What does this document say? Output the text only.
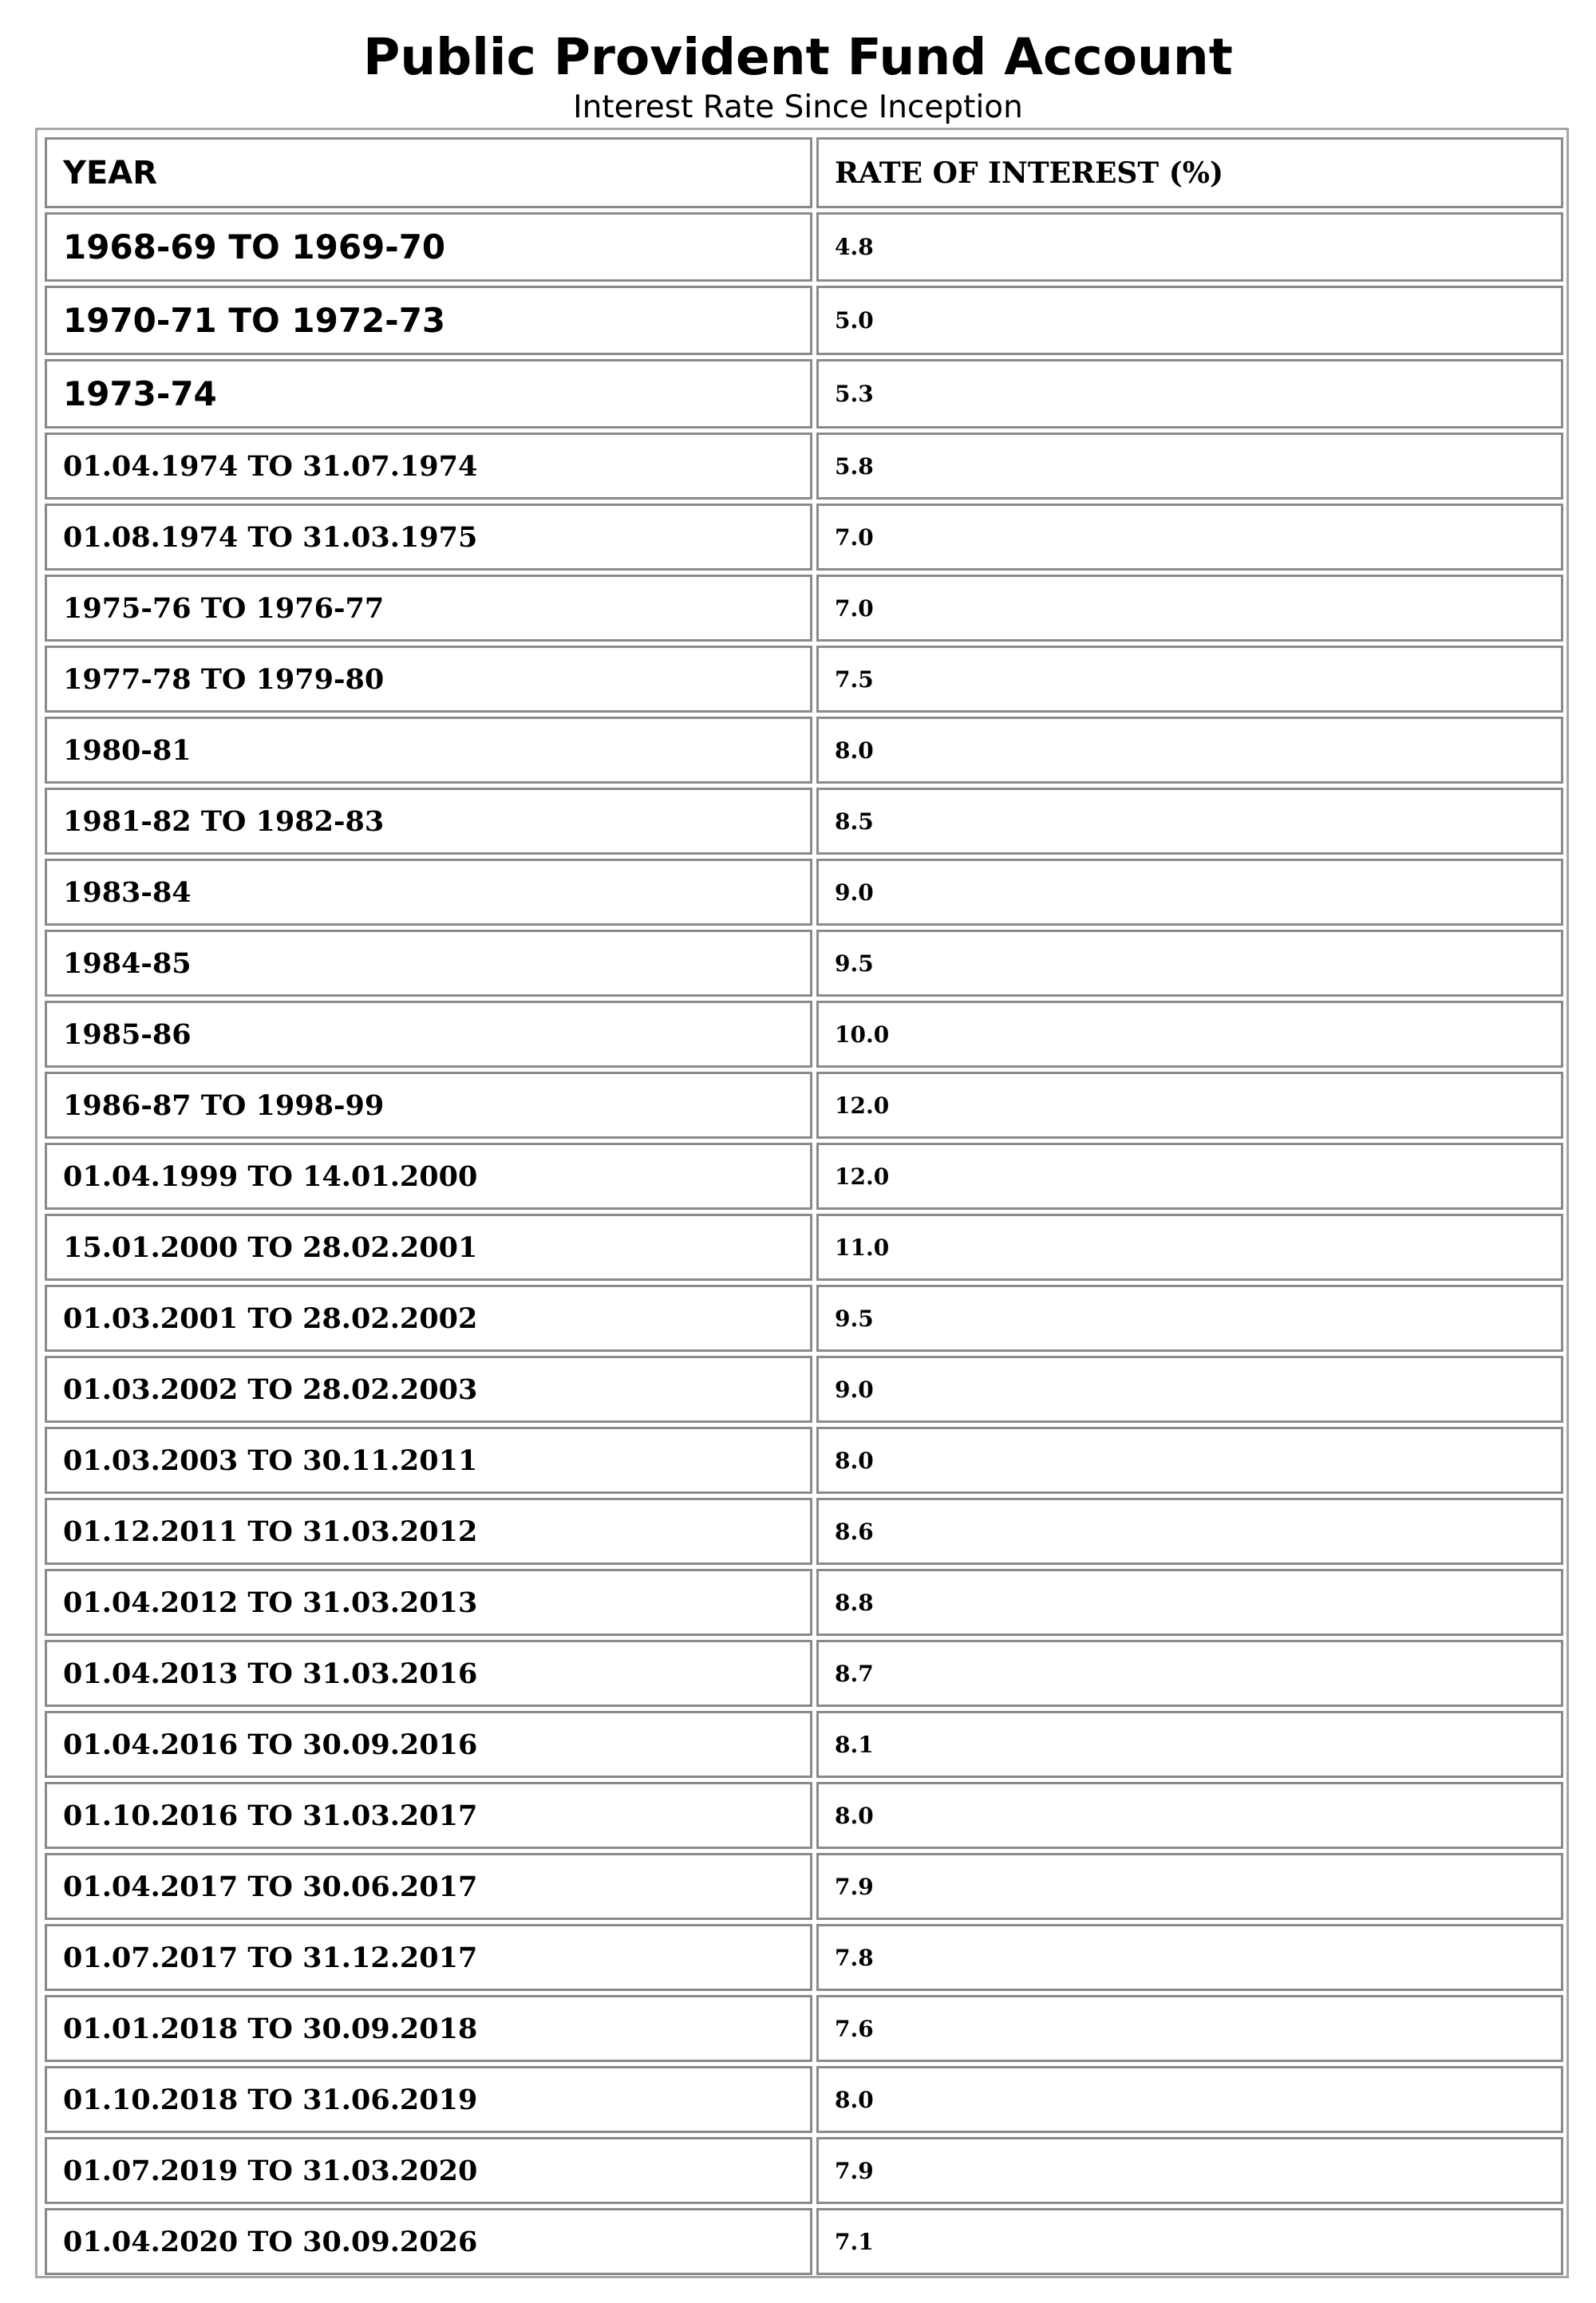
Public Provident Fund Account
Interest Rate Since Inception
YEAR	RATE OF INTEREST (%)
1968-69 TO 1969-70	4.8
1970-71 TO 1972-73	5.0
1973-74	5.3
01.04.1974 TO 31.07.1974	5.8
01.08.1974 TO 31.03.1975	7.0
1975-76 TO 1976-77	7.0
1977-78 TO 1979-80	7.5
1980-81	8.0
1981-82 TO 1982-83	8.5
1983-84	9.0
1984-85	9.5
1985-86	10.0
1986-87 TO 1998-99	12.0
01.04.1999 TO 14.01.2000	12.0
15.01.2000 TO 28.02.2001	11.0
01.03.2001 TO 28.02.2002	9.5
01.03.2002 TO 28.02.2003	9.0
01.03.2003 TO 30.11.2011	8.0
01.12.2011 TO 31.03.2012	8.6
01.04.2012 TO 31.03.2013	8.8
01.04.2013 TO 31.03.2016	8.7
01.04.2016 TO 30.09.2016	8.1
01.10.2016 TO 31.03.2017	8.0
01.04.2017 TO 30.06.2017	7.9
01.07.2017 TO 31.12.2017	7.8
01.01.2018 TO 30.09.2018	7.6
01.10.2018 TO 31.06.2019	8.0
01.07.2019 TO 31.03.2020	7.9
01.04.2020 TO 30.09.2026	7.1
